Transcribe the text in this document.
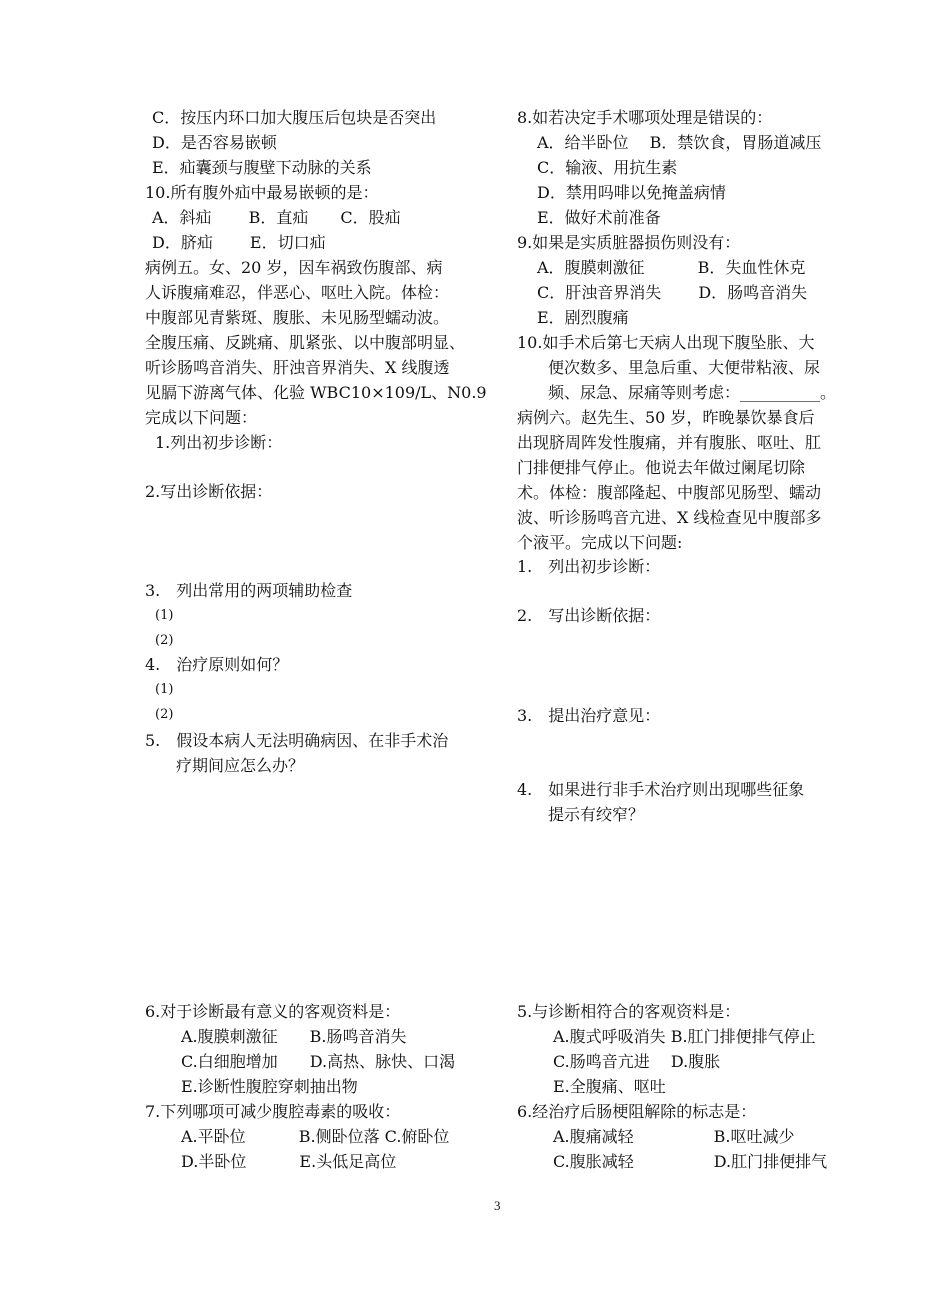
C．按压内环口加大腹压后包块是否突出
D．是否容易嵌顿
E．疝囊颈与腹壁下动脉的关系
10.所有腹外疝中最易嵌顿的是：
A．斜疝　　 B．直疝　　C．股疝
D．脐疝　　 E．切口疝
病例五。女、20 岁，因车祸致伤腹部、病
人诉腹痛难忍，伴恶心、呕吐入院。体检：
中腹部见青紫斑、腹胀、未见肠型蠕动波。
全腹压痛、反跳痛、肌紧张、以中腹部明显、
听诊肠鸣音消失、肝浊音界消失、X 线腹透
见膈下游离气体、化验 WBC10×109/L、N0.9
完成以下问题：
1.列出初步诊断：
2.写出诊断依据：
3.　列出常用的两项辅助检查
(1)
(2)
4.　治疗原则如何？
(1)
(2)
5.　假设本病人无法明确病因、在非手术治
疗期间应怎么办？
6.对于诊断最有意义的客观资料是：
A.腹膜刺激征　　B.肠鸣音消失
C.白细胞增加　　D.高热、脉快、口渴
E.诊断性腹腔穿刺抽出物
7.下列哪项可减少腹腔毒素的吸收：
A.平卧位　　　 B.侧卧位落 C.俯卧位
D.半卧位　　　 E.头低足高位
8.如若决定手术哪项处理是错误的：
A．给半卧位　 B．禁饮食，胃肠道减压
C．输液、用抗生素
D．禁用吗啡以免掩盖病情
E．做好术前准备
9.如果是实质脏器损伤则没有：
A．腹膜刺激征　　　 B．失血性休克
C．肝浊音界消失　　 D．肠鸣音消失
E．剧烈腹痛
10.如手术后第七天病人出现下腹坠胀、大
便次数多、里急后重、大便带粘液、尿
频、尿急、尿痛等则考虑：__________。
病例六。赵先生、50 岁，昨晚暴饮暴食后
出现脐周阵发性腹痛，并有腹胀、呕吐、肛
门排便排气停止。他说去年做过阑尾切除
术。体检：腹部隆起、中腹部见肠型、蠕动
波、听诊肠鸣音亢进、X 线检查见中腹部多
个液平。完成以下问题:
1.　列出初步诊断：
2.　写出诊断依据：
3.　提出治疗意见：
4.　如果进行非手术治疗则出现哪些征象
提示有绞窄？
5.与诊断相符合的客观资料是：
A.腹式呼吸消失 B.肛门排便排气停止
C.肠鸣音亢进　 D.腹胀
E.全腹痛、呕吐
6.经治疗后肠梗阻解除的标志是：
A.腹痛减轻　　　　　B.呕吐减少
C.腹胀减轻　　　　　D.肛门排便排气
3
